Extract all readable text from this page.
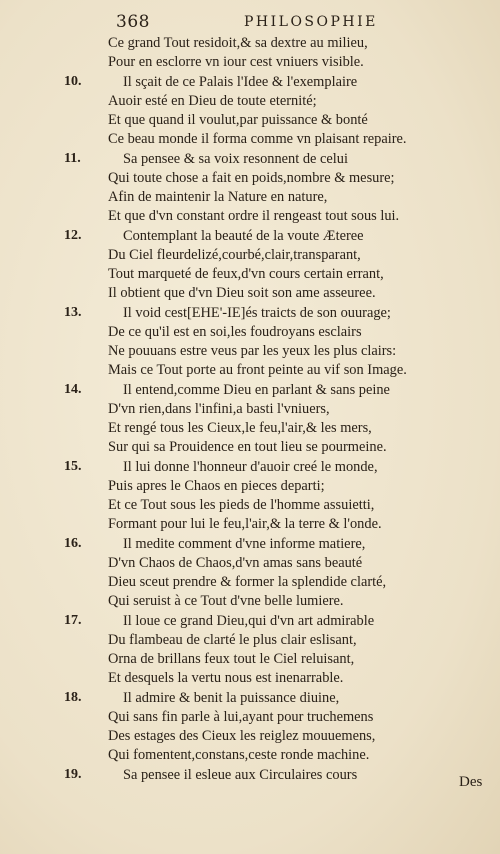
368	PHILOSOPHIE
Ce grand Tout residoit,& sa dextre au milieu,
Pour en esclorre vn iour cest vniuers visible.
10.	Il sçait de ce Palais l'Idee & l'exemplaire
Auoir esté en Dieu de toute eternité;
Et que quand il voulut,par puissance & bonté
Ce beau monde il forma comme vn plaisant repaire.
11.	Sa pensee & sa voix resonnent de celui
Qui toute chose a fait en poids,nombre & mesure;
Afin de maintenir la Nature en nature,
Et que d'vn constant ordre il rengeast tout sous lui.
12.	Contemplant la beauté de la voute Æteree
Du Ciel fleurdelizé,courbé,clair,transparant,
Tout marqueté de feux,d'vn cours certain errant,
Il obtient que d'vn Dieu soit son ame asseuree.
13.	Il void cest[EHE'-IE]és traicts de son ouurage;
De ce qu'il est en soi,les foudroyans esclairs
Ne pouuans estre veus par les yeux les plus clairs:
Mais ce Tout porte au front peinte au vif son Image.
14.	Il entend,comme Dieu en parlant & sans peine
D'vn rien,dans l'infini,a basti l'vniuers,
Et rengé tous les Cieux,le feu,l'air,& les mers,
Sur qui sa Prouidence en tout lieu se pourmeine.
15.	Il lui donne l'honneur d'auoir creé le monde,
Puis apres le Chaos en pieces departi;
Et ce Tout sous les pieds de l'homme assuietti,
Formant pour lui le feu,l'air,& la terre & l'onde.
16.	Il medite comment d'vne informe matiere,
D'vn Chaos de Chaos,d'vn amas sans beauté
Dieu sceut prendre & former la splendide clarté,
Qui seruist à ce Tout d'vne belle lumiere.
17.	Il loue ce grand Dieu,qui d'vn art admirable
Du flambeau de clarté le plus clair eslisant,
Orna de brillans feux tout le Ciel reluisant,
Et desquels la vertu nous est inenarrable.
18.	Il admire & benit la puissance diuine,
Qui sans fin parle à lui,ayant pour truchemens
Des estages des Cieux les reiglez mouuemens,
Qui fomentent,constans,ceste ronde machine.
19.	Sa pensee il esleue aux Circulaires cours	Des
